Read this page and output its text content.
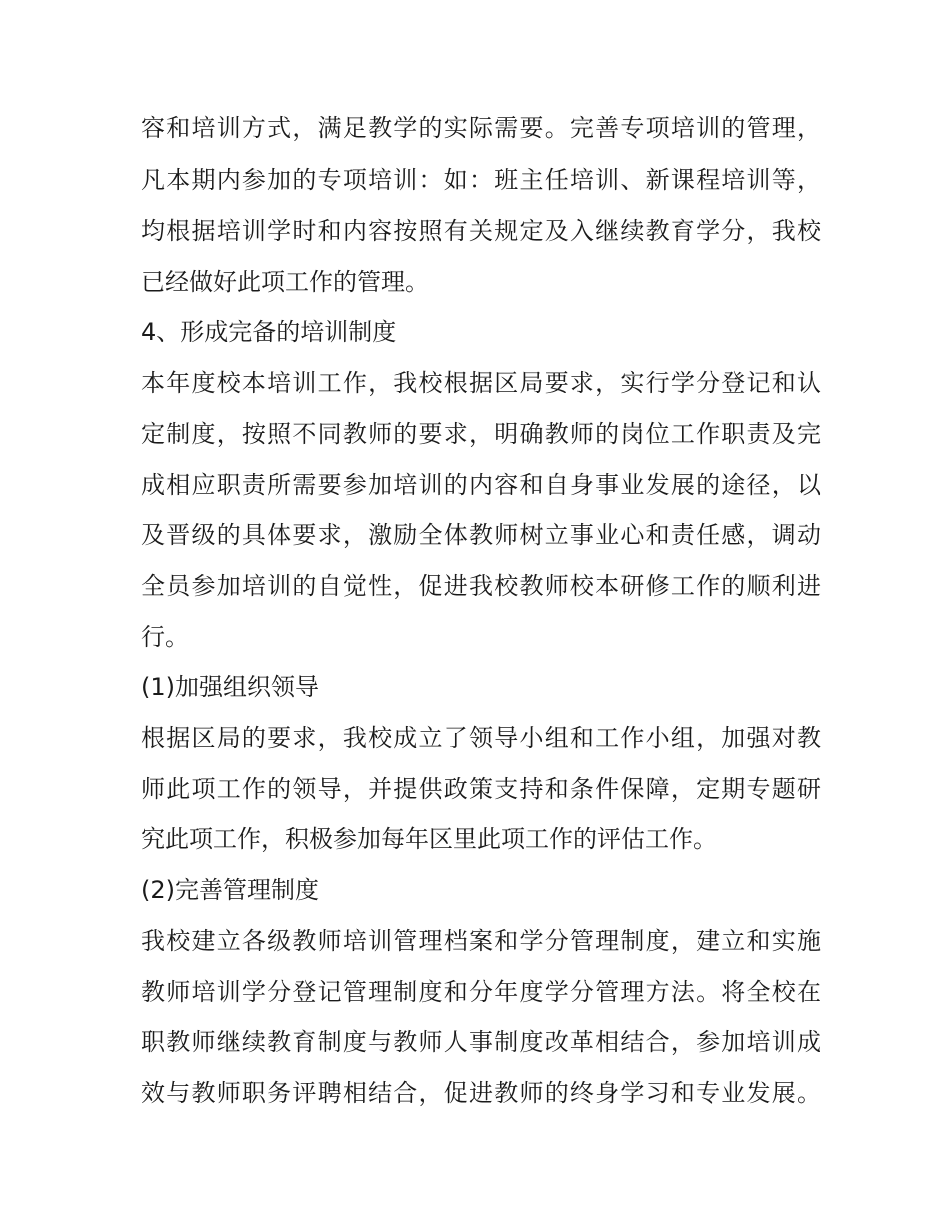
容和培训方式，满足教学的实际需要。完善专项培训的管理，
凡本期内参加的专项培训：如：班主任培训、新课程培训等，
均根据培训学时和内容按照有关规定及入继续教育学分，我校
已经做好此项工作的管理。
4、形成完备的培训制度
本年度校本培训工作，我校根据区局要求，实行学分登记和认
定制度，按照不同教师的要求，明确教师的岗位工作职责及完
成相应职责所需要参加培训的内容和自身事业发展的途径，以
及晋级的具体要求，激励全体教师树立事业心和责任感，调动
全员参加培训的自觉性，促进我校教师校本研修工作的顺利进
行。
(1)加强组织领导
根据区局的要求，我校成立了领导小组和工作小组，加强对教
师此项工作的领导，并提供政策支持和条件保障，定期专题研
究此项工作，积极参加每年区里此项工作的评估工作。
(2)完善管理制度
我校建立各级教师培训管理档案和学分管理制度，建立和实施
教师培训学分登记管理制度和分年度学分管理方法。将全校在
职教师继续教育制度与教师人事制度改革相结合，参加培训成
效与教师职务评聘相结合，促进教师的终身学习和专业发展。
